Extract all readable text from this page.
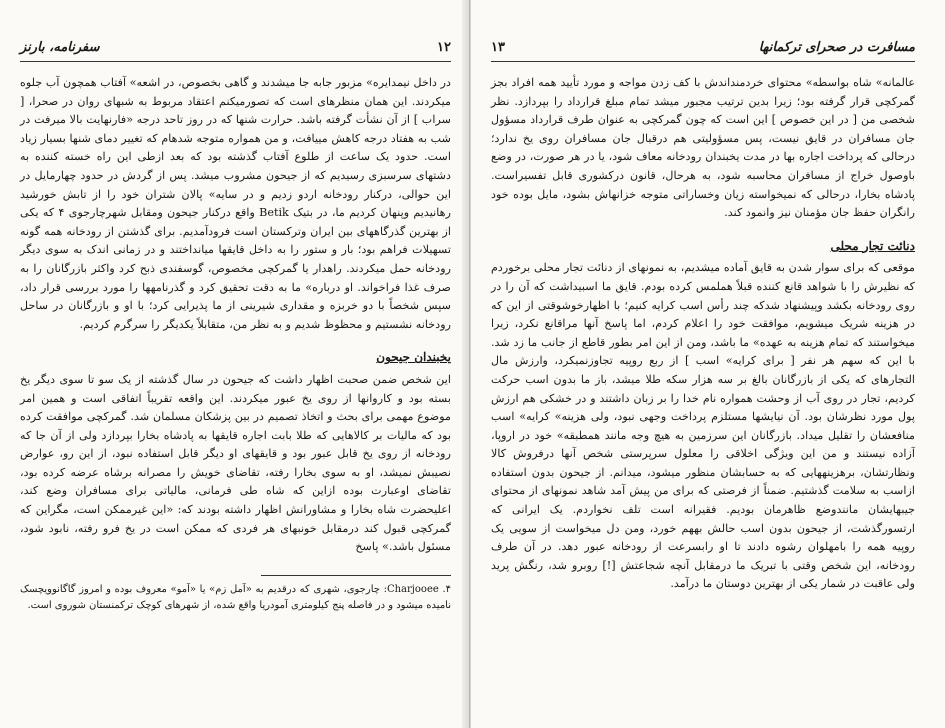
سفرنامه، بارنز	۱۲

در داخل نیمدایره» مزبور جابه جا میشدند و گاهی بخصوص، در اشعه» آفتاب همچون آب جلوه میکردند. این همان منظرهای است که تصورمیکنم اعتقاد مربوط به شبهای روان در صحرا، [ سراب ] از آن نشأت گرفته باشد. حرارت شنها که در روز تاحد درجه «فارنهایت بالا میرفت در شب به هفتاد درجه کاهش مییافت، و من همواره متوجه شدهام که تغییر دمای شنها بسیار زیاد است. حدود یک ساعت از طلوع آفتاب گذشته بود که بعد ازطی این راه خسته کننده به دشتهای سرسبزی رسیدیم که از جیحون مشروب میشد. پس از گردش در حدود چهارمایل در این حوالی، درکنار رودخانه اردو زدیم و در سایه» پالان شتران خود را از تابش خورشید رهانیدیم وپنهان کردیم ما، در بتیک Betik واقع درکنار جیحون ومقابل شهرچارجوی ۴ که یکی از بهترین گذرگاههای بین ایران وترکستان است فرودآمدیم. برای گذشتن از رودخانه همه گونه تسهیلات فراهم بود؛ بار و ستور را به داخل قایقها میانداختند و در زمانی اندک به سوی دیگر رودخانه حمل میکردند. راهدار یا گمرکچی مخصوص، گوسفندی ذبح کرد واکثر بازرگانان را به صرف غذا فراخواند. او درباره» ما به دقت تحقیق کرد و گذرنامهها را مورد بررسی قرار داد، سپس شخصاً با دو خربزه و مقداری شیرینی از ما پذیرایی کرد؛ با او و بازرگانان در ساحل رودخانه نشستیم و محظوظ شدیم و به نظر من، متقابلاً یکدیگر را سرگرم کردیم.

یخبندان جیحون

این شخص ضمن صحبت اظهار داشت که جیحون در سال گذشته از یک سو تا سوی دیگر یخ بسته بود و کاروانها از روی یخ عبور میکردند. این واقعه تقریباً اتفاقی است و همین امر موضوع مهمی برای بحث و اتخاذ تصمیم در بین پزشکان مسلمان شد. گمرکچی موافقت کرده بود که مالیات بر کالاهایی که طلا بابت اجاره قایقها به پادشاه بخارا بپردازد ولی از آن جا که رودخانه از روی یخ قابل عبور بود و قایقهای او دیگر قابل استفاده نبود، از این رو، عوارض نصیبش نمیشد، او به سوی بخارا رفته، تقاضای خویش را مصرانه برشاه عرضه کرده بود، تقاضای اوعبارت بوده ازاین که شاه طی فرمانی، مالیاتی برای مسافران وضع کند، اعلیحضرت شاه بخارا و مشاورانش اظهار داشته بودند که: «این غیرممکن است، مگراین که گمرکچی قبول کند درمقابل خونبهای هر فردی که ممکن است در یخ فرو رفته، نابود شود، مسئول باشد.» پاسخ

۴. Charjooee: چارجوی، شهری که درقدیم به «آمل زم» یا «آمو» معروف بوده و امروز گاگانوویچسک نامیده میشود و در فاصله پنج کیلومتری آمودریا واقع شده، از شهرهای کوچک ترکمنستان شوروی است.
۱۳	مسافرت در صحرای ترکمانها

عالمانه» شاه بواسطه» محتوای خردمنداندش با کف زدن مواجه و مورد تأیید همه افراد بجز گمرکچی قرار گرفته بود؛ زیرا بدین ترتیب مجبور میشد تمام مبلغ قرارداد را بپردازد. نظر شخصی من [ در این خصوص ] این است که چون گمرکچی به عنوان طرف قرارداد مسؤول جان مسافران در قایق نیست، پس مسؤولیتی هم درقبال جان مسافران روی یخ ندارد؛ درحالی که پرداخت اجاره بها در مدت یخبندان رودخانه معاف شود، یا در هر صورت، در وضع باوصول خراج از مسافران محاسبه شود، به هرحال، قانون درکشوری قابل تفسیراست. پادشاه بخارا، درحالی که نمیخواسته زیان وخساراتی متوجه خزانهاش بشود، مایل بوده خود رانگران حفظ جان مؤمنان نیز وانمود کند.

دنائت تجار محلی

موقعی که برای سوار شدن به قایق آماده میشدیم، به نمونهای از دنائت تجار محلی برخوردم که نظیرش را با شواهد قانع کننده قبلاً هملمس کرده بودم. قایق ما اسبیداشت که آن را در روی رودخانه بکشد وپیشنهاد شدکه چند رأس اسب کرایه کنیم؛ با اظهارخوشوقتی از این که در هزینه شریک میشویم، موافقت خود را اعلام کردم، اما پاسخ آنها مراقانع نکرد، زیرا میخواستند که تمام هزینه به عهده» ما باشد، ومن از این امر بطور قاطع از جانب ما زد شد. با این که سهم هر نفر [ برای کرایه» اسب ] از ربع روپیه تجاوزنمیکرد، وارزش مال التجارهای که یکی از بازرگانان بالغ بر سه هزار سکه طلا میشد، باز ما بدون اسب حرکت کردیم، تجار در روی آب از وحشت همواره نام خدا را بر زبان داشتند و در خشکی هم ارزش پول مورد نظرشان بود. آن نیایشها مستلزم پرداخت وجهی نبود، ولی هزینه» کرایه» اسب منافعشان را تقلیل میداد. بازرگانان این سرزمین به هیچ وجه مانند همطبقه» خود در اروپا، آزاده نیستند و من این ویژگی اخلاقی را معلول سرپرستی شخص آنها درفروش کالا ونظارتشان، برهزینههایی که به حسابشان منظور میشود، میدانم. از جیحون بدون استفاده ازاسب به سلامت گذشتیم. ضمناً از فرصتی که برای من پیش آمد شاهد نمونهای از محتوای جیبهایشان مانندوضع ظاهرمان بودیم. فقیرانه است تلف نخواردم. یک ایرانی که ارتسورگذشت، از جیحون بدون اسب حالش بههم خورد، ومن دل میخواست از سویی یک روپیه همه را بامهلوان رشوه دادند تا او رابسرعت از رودخانه عبور دهد. در آن طرف رودخانه، این شخص وقتی با تبریک ما درمقابل آنچه شجاعتش [!] روبرو شد، رنگش پرید ولی عاقبت در شمار یکی از بهترین دوستان ما درآمد.
